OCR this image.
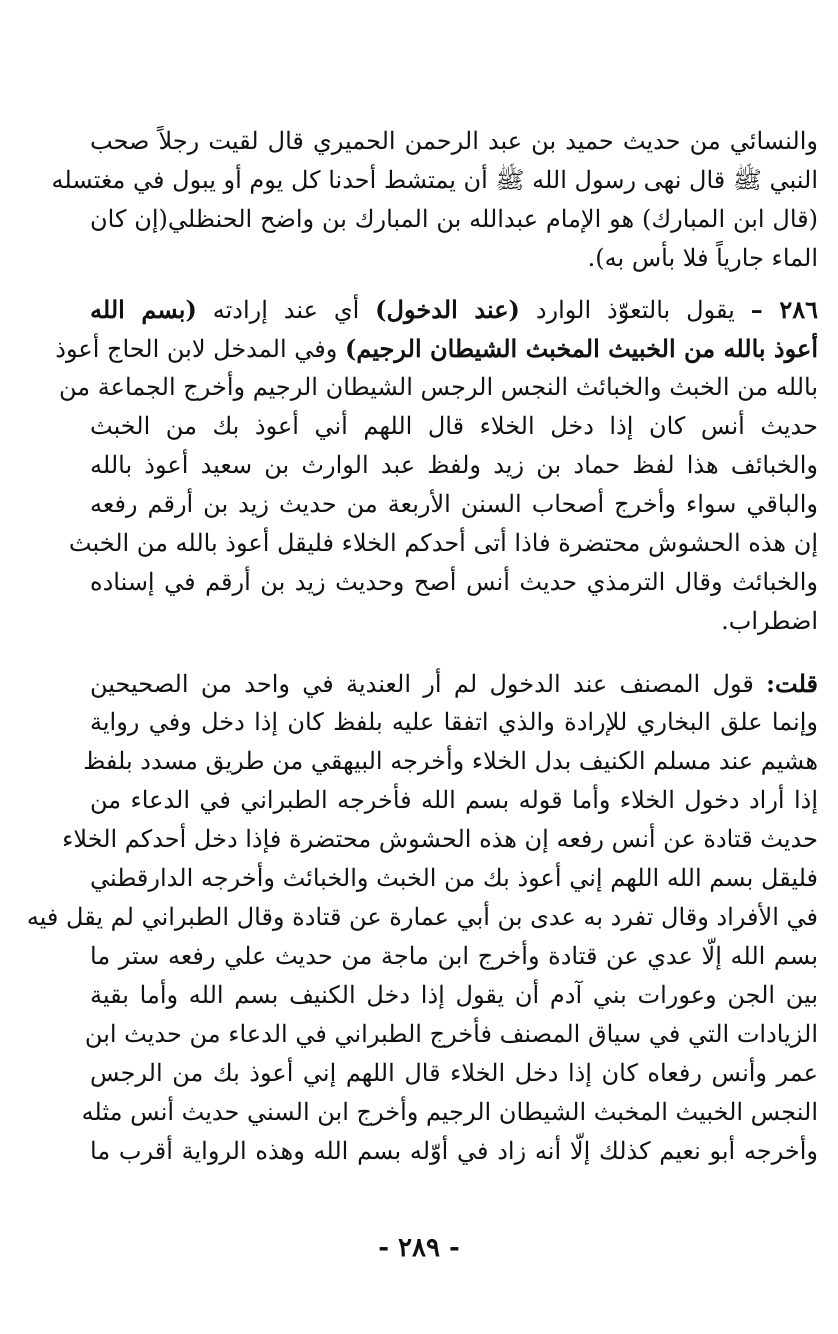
والنسائي من حديث حميد بن عبد الرحمن الحميري قال لقيت رجلاً صحب
النبي ﷺ قال نهى رسول الله ﷺ أن يمتشط أحدنا كل يوم أو يبول في مغتسله
(قال ابن المبارك) هو الإمام عبدالله بن المبارك بن واضح الحنظلي(إن كان
الماء جارياً فلا بأس به).
٢٨٦ – يقول بالتعوّذ الوارد (عند الدخول) أي عند إرادته (بسم الله
أعوذ بالله من الخبيث المخبث الشيطان الرجيم) وفي المدخل لابن الحاج أعوذ
بالله من الخبث والخبائث النجس الرجس الشيطان الرجيم وأخرج الجماعة من
حديث أنس كان إذا دخل الخلاء قال اللهم أني أعوذ بك من الخبث
والخبائف هذا لفظ حماد بن زيد ولفظ عبد الوارث بن سعيد أعوذ بالله
والباقي سواء وأخرج أصحاب السنن الأربعة من حديث زيد بن أرقم رفعه
إن هذه الحشوش محتضرة فاذا أتى أحدكم الخلاء فليقل أعوذ بالله من الخبث
والخبائث وقال الترمذي حديث أنس أصح وحديث زيد بن أرقم في إسناده
اضطراب.
قلت: قول المصنف عند الدخول لم أر العندية في واحد من الصحيحين
وإنما علق البخاري للإرادة والذي اتفقا عليه بلفظ كان إذا دخل وفي رواية
هشيم عند مسلم الكنيف بدل الخلاء وأخرجه البيهقي من طريق مسدد بلفظ
إذا أراد دخول الخلاء وأما قوله بسم الله فأخرجه الطبراني في الدعاء من
حديث قتادة عن أنس رفعه إن هذه الحشوش محتضرة فإذا دخل أحدكم الخلاء
فليقل بسم الله اللهم إني أعوذ بك من الخبث والخبائث وأخرجه الدارقطني
في الأفراد وقال تفرد به عدى بن أبي عمارة عن قتادة وقال الطبراني لم يقل فيه
بسم الله إلّا عدي عن قتادة وأخرج ابن ماجة من حديث علي رفعه ستر ما
بين الجن وعورات بني آدم أن يقول إذا دخل الكنيف بسم الله وأما بقية
الزيادات التي في سياق المصنف فأخرج الطبراني في الدعاء من حديث ابن
عمر وأنس رفعاه كان إذا دخل الخلاء قال اللهم إني أعوذ بك من الرجس
النجس الخبيث المخبث الشيطان الرجيم وأخرج ابن السني حديث أنس مثله
وأخرجه أبو نعيم كذلك إلّا أنه زاد في أوّله بسم الله وهذه الرواية أقرب ما
- ٢٨٩ -
